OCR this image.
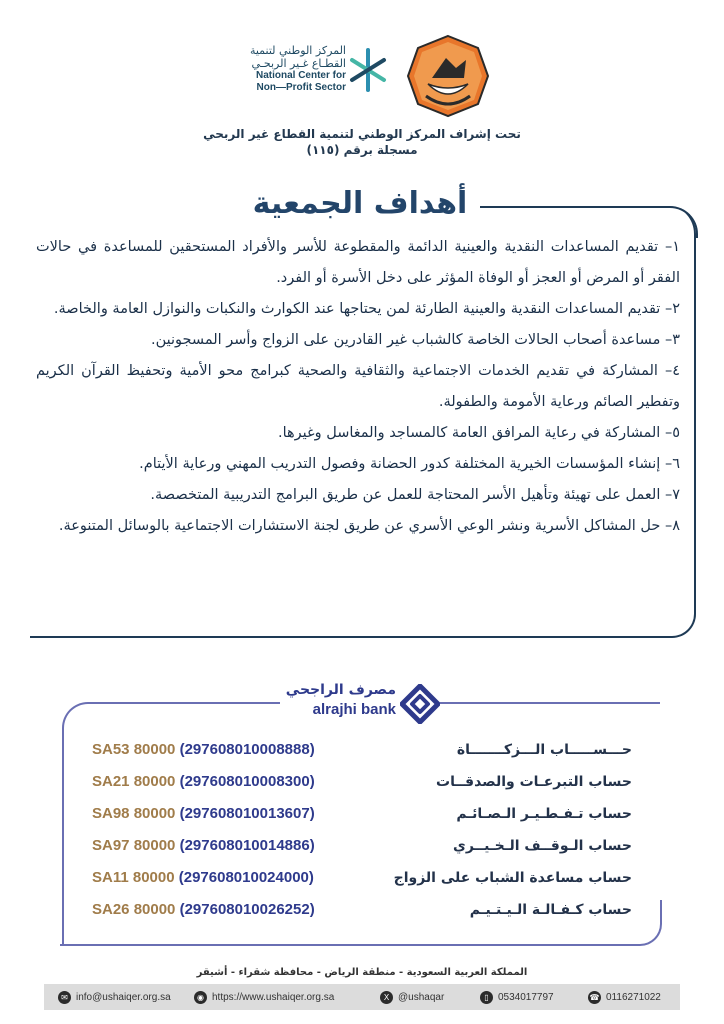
المركز الوطني لتنمية
القطـاع غـير الربحـي
National Center for
Non—Profit Sector
تحت إشراف المركز الوطني لتنمية القطاع غير الربحي
مسجلة برقم (١١٥)
أهداف الجمعية

١– تقديم المساعدات النقدية والعينية الدائمة والمقطوعة للأسر والأفراد المستحقين للمساعدة في حالات الفقر أو المرض أو العجز أو الوفاة المؤثر على دخل الأسرة أو الفرد.

٢– تقديم المساعدات النقدية والعينية الطارئة لمن يحتاجها عند الكوارث والنكبات والنوازل العامة والخاصة.

٣– مساعدة أصحاب الحالات الخاصة كالشباب غير القادرين على الزواج وأسر المسجونين.

٤– المشاركة في تقديم الخدمات الاجتماعية والثقافية والصحية كبرامج محو الأمية وتحفيظ القرآن الكريم وتفطير الصائم ورعاية الأمومة والطفولة.

٥– المشاركة في رعاية المرافق العامة كالمساجد والمغاسل وغيرها.

٦– إنشاء المؤسسات الخيرية المختلفة كدور الحضانة وفصول التدريب المهني ورعاية الأيتام.

٧– العمل على تهيئة وتأهيل الأسر المحتاجة للعمل عن طريق البرامج التدريبية المتخصصة.

٨– حل المشاكل الأسرية ونشر الوعي الأسري عن طريق لجنة الاستشارات الاجتماعية بالوسائل المتنوعة.

مصرف الراجحي
alrajhi bank
حـــســـــاب الـــزكـــــــاة
SA53 80000 (297608010008888)
حساب التبرعـات والصدقــات
SA21 80000 (297608010008300)
حساب تـفـطـيـر الـصـائـم
SA98 80000 (297608010013607)
حساب الـوقــف الـخـيــري
SA97 80000 (297608010014886)
حساب مساعدة الشباب على الزواج
SA11 80000 (297608010024000)
حساب كـفـالـة الـيـتـيـم
SA26 80000 (297608010026252)
المملكة العربية السعودية - منطقة الرياض - محافظة شقراء - أشيقر
✉ info@ushaiqer.org.sa	◉ https://www.ushaiqer.org.sa	X @ushaqar	▯ 0534017797	☎ 0116271022
